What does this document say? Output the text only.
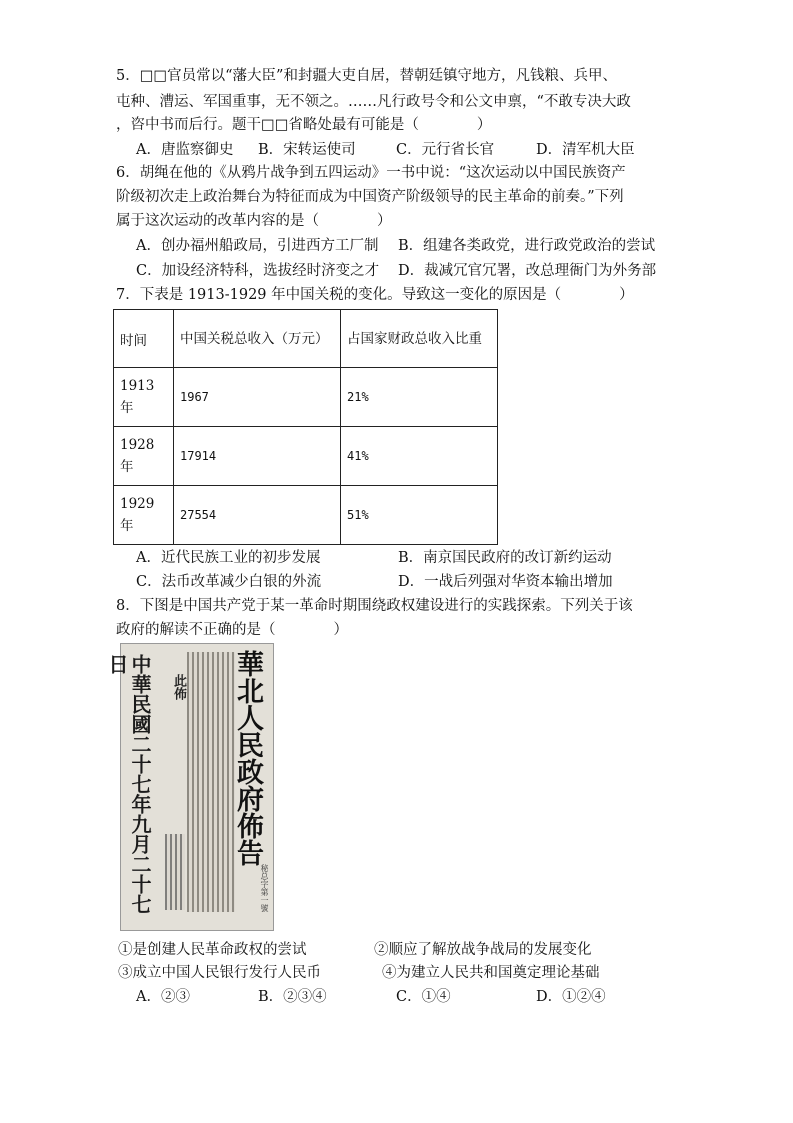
5．□□官员常以“藩大臣”和封疆大吏自居，替朝廷镇守地方，凡钱粮、兵甲、
屯种、漕运、军国重事，无不领之。……凡行政号令和公文申禀，“不敢专决大政
，咨中书而后行。题干□□省略处最有可能是（　　　　）
A．唐监察御史 B．宋转运使司	C．元行省长官	D．清军机大臣
6．胡绳在他的《从鸦片战争到五四运动》一书中说：“这次运动以中国民族资产
阶级初次走上政治舞台为特征而成为中国资产阶级领导的民主革命的前奏。”下列
属于这次运动的改革内容的是（　　　　）
A．创办福州船政局，引进西方工厂制 B．组建各类政党，进行政党政治的尝试
C．加设经济特科，选拔经时济变之才 D．裁减冗官冗署，改总理衙门为外务部
7．下表是 1913-1929 年中国关税的变化。导致这一变化的原因是（　　　　）
时间	中国关税总收入（万元）	占国家财政总收入比重
1913年	1967	21%
1928年	17914	41%
1929年	27554	51%
A．近代民族工业的初步发展	B．南京国民政府的改订新约运动
C．法币改革减少白银的外流	D．一战后列强对华资本输出增加
8．下图是中国共产党于某一革命时期围绕政权建设进行的实践探索。下列关于该
政府的解读不正确的是（　　　　）
中華民國二十七年九月二十七日
此佈 華北人民政府佈告
秘总字第一號
①是创建人民革命政权的尝试	②顺应了解放战争战局的发展变化
③成立中国人民银行发行人民币	④为建立人民共和国奠定理论基础
A．②③	B．②③④	C．①④	D．①②④
